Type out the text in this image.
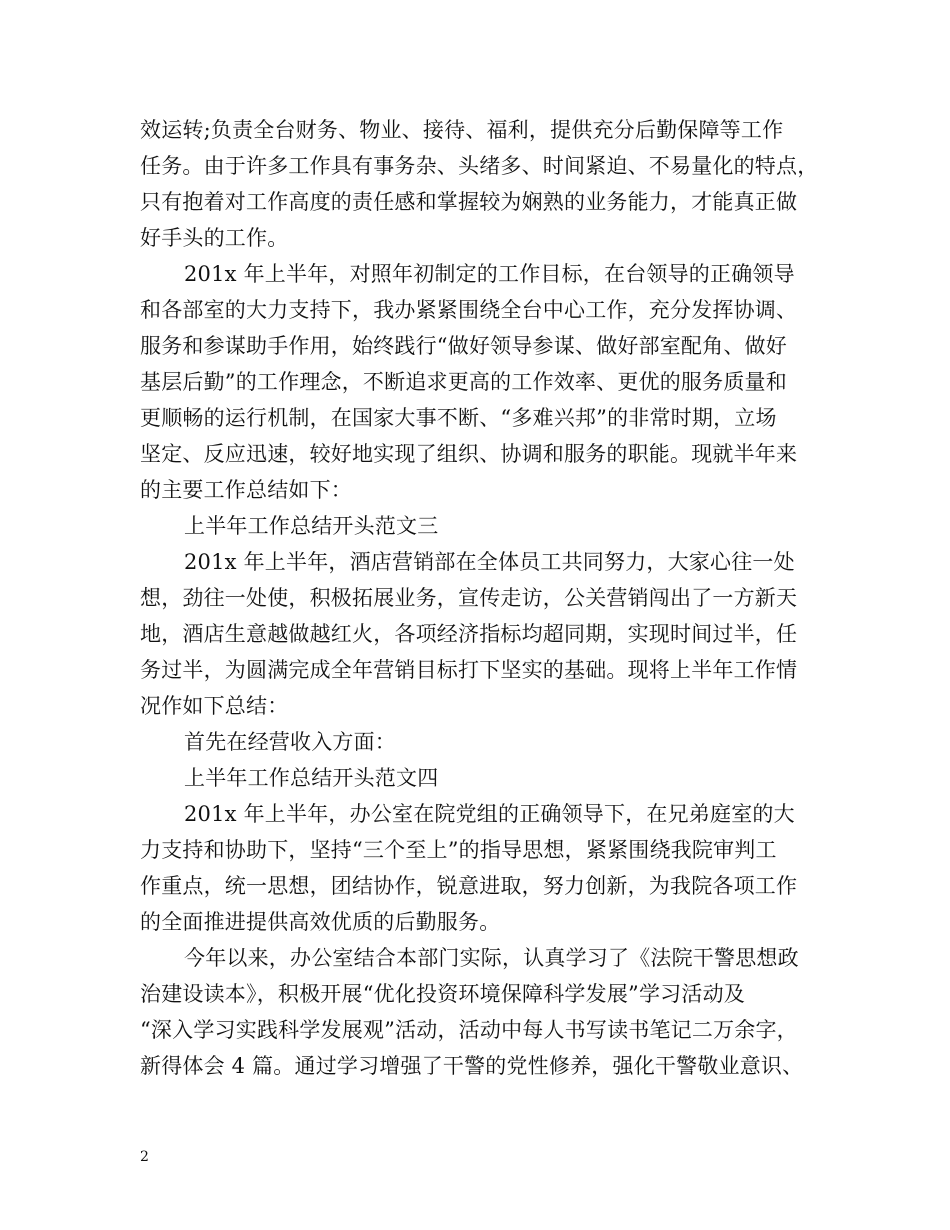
效运转;负责全台财务、物业、接待、福利，提供充分后勤保障等工作
任务。由于许多工作具有事务杂、头绪多、时间紧迫、不易量化的特点，
只有抱着对工作高度的责任感和掌握较为娴熟的业务能力，才能真正做
好手头的工作。
201x 年上半年，对照年初制定的工作目标，在台领导的正确领导
和各部室的大力支持下，我办紧紧围绕全台中心工作，充分发挥协调、
服务和参谋助手作用，始终践行“做好领导参谋、做好部室配角、做好
基层后勤”的工作理念，不断追求更高的工作效率、更优的服务质量和
更顺畅的运行机制，在国家大事不断、“多难兴邦”的非常时期，立场
坚定、反应迅速，较好地实现了组织、协调和服务的职能。现就半年来
的主要工作总结如下：
上半年工作总结开头范文三
201x 年上半年，酒店营销部在全体员工共同努力，大家心往一处
想，劲往一处使，积极拓展业务，宣传走访，公关营销闯出了一方新天
地，酒店生意越做越红火，各项经济指标均超同期，实现时间过半，任
务过半，为圆满完成全年营销目标打下坚实的基础。现将上半年工作情
况作如下总结：
首先在经营收入方面：
上半年工作总结开头范文四
201x 年上半年，办公室在院党组的正确领导下，在兄弟庭室的大
力支持和协助下，坚持“三个至上”的指导思想，紧紧围绕我院审判工
作重点，统一思想，团结协作，锐意进取，努力创新，为我院各项工作
的全面推进提供高效优质的后勤服务。
今年以来，办公室结合本部门实际，认真学习了《法院干警思想政
治建设读本》，积极开展“优化投资环境保障科学发展”学习活动及
“深入学习实践科学发展观”活动，活动中每人书写读书笔记二万余字，
新得体会 4 篇。通过学习增强了干警的党性修养，强化干警敬业意识、
2
